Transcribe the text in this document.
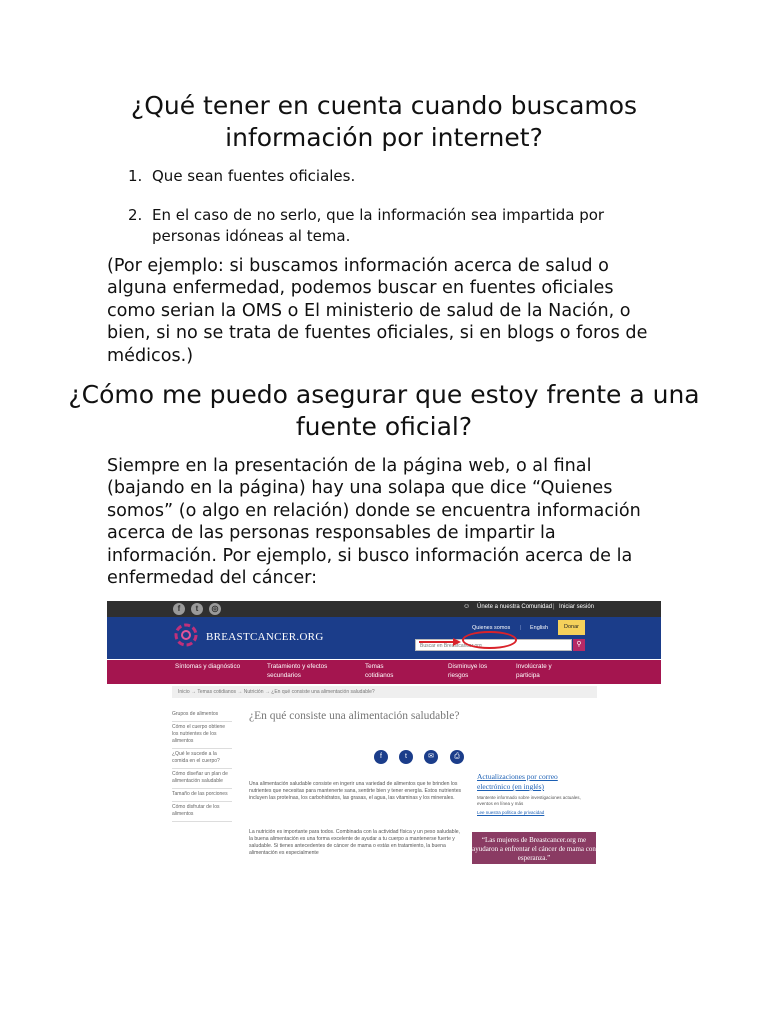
¿Qué tener en cuenta cuando buscamos información por internet?
1. Que sean fuentes oficiales.
2. En el caso de no serlo, que la información sea impartida por personas idóneas al tema.

(Por ejemplo: si buscamos información acerca de salud o alguna enfermedad, podemos buscar en fuentes oficiales como serian la OMS o El ministerio de salud de la Nación, o bien, si no se trata de fuentes oficiales, si en blogs o foros de médicos.)

¿Cómo me puedo asegurar que estoy frente a una fuente oficial?

Siempre en la presentación de la página web, o al final (bajando en la página) hay una solapa que dice “Quienes somos” (o algo en relación) donde se encuentra información acerca de las personas responsables de impartir la información. Por ejemplo, si busco información acerca de la enfermedad del cáncer:

f	t	◎	☺ Únete a nuestra Comunidad | Iniciar sesión
BREASTCANCER.ORG
Quienes somos | English	Donar
Buscar en Breastcancer.org	⚲
Síntomas y diagnóstico	Tratamiento y efectos secundarios
Temas cotidianos
Disminuye los riesgos
Involúcrate y participa
Inicio → Temas cotidianos → Nutrición → ¿En qué consiste una alimentación saludable?
Grupos de alimentos
Cómo el cuerpo obtiene los nutrientes de los alimentos
¿Qué le sucede a la comida en el cuerpo?
Cómo diseñar un plan de alimentación saludable
Tamaño de las porciones
Cómo disfrutar de los alimentos
¿En qué consiste una alimentación saludable?
f	t	✉	⎙
Una alimentación saludable consiste en ingerir una variedad de alimentos que te brinden los nutrientes que necesitas para mantenerte sana, sentirte bien y tener energía. Estos nutrientes incluyen las proteínas, los carbohidratos, las grasas, el agua, las vitaminas y los minerales.
La nutrición es importante para todos. Combinada con la actividad física y un peso saludable, la buena alimentación es una forma excelente de ayudar a tu cuerpo a mantenerse fuerte y saludable. Si tienes antecedentes de cáncer de mama o estás en tratamiento, la buena alimentación es especialmente
Actualizaciones por correo electrónico (en inglés)
Mantente informado sobre investigaciones actuales, eventos en línea y más
Lee nuestra política de privacidad
“Las mujeres de Breastcancer.org me ayudaron a enfrentar el cáncer de mama con esperanza.”
